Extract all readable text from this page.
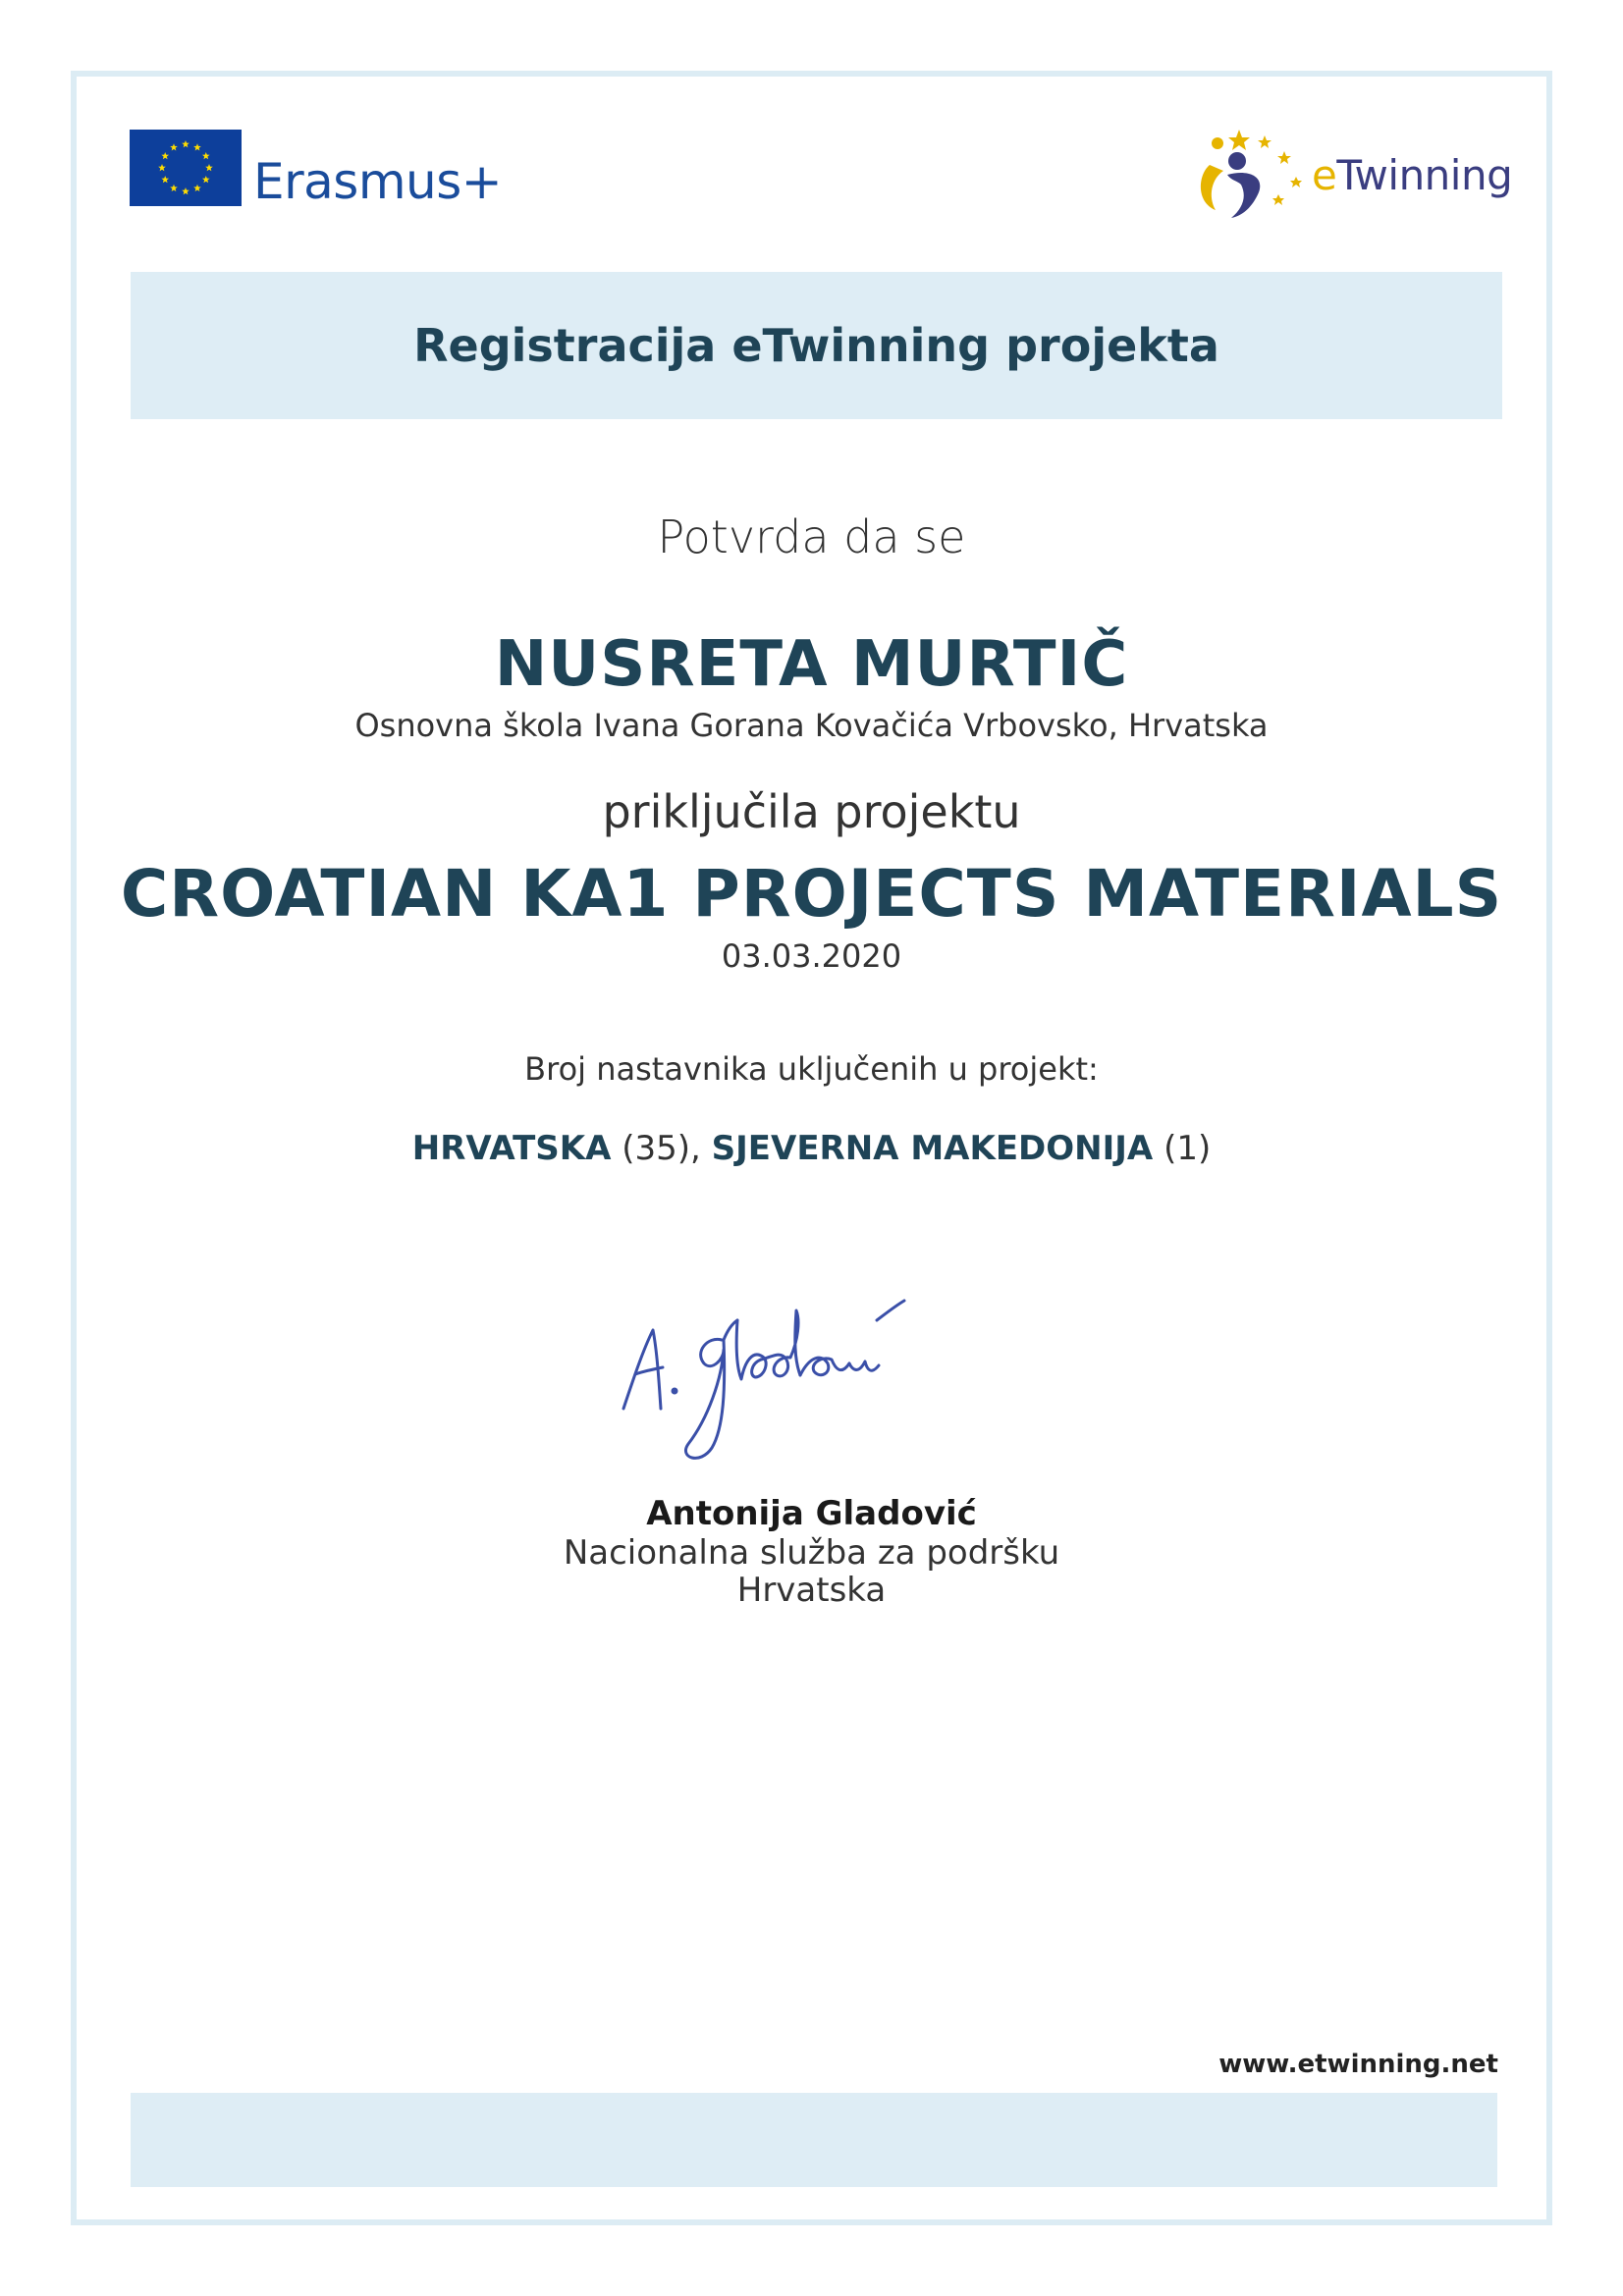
Erasmus+	eTwinning
Registracija eTwinning projekta
Potvrda da se
NUSRETA MURTIČ
Osnovna škola Ivana Gorana Kovačića Vrbovsko, Hrvatska
priključila projektu
CROATIAN KA1 PROJECTS MATERIALS
03.03.2020
Broj nastavnika uključenih u projekt:
HRVATSKA (35), SJEVERNA MAKEDONIJA (1)
Antonija Gladović
Nacionalna služba za podršku
Hrvatska
www.etwinning.net
